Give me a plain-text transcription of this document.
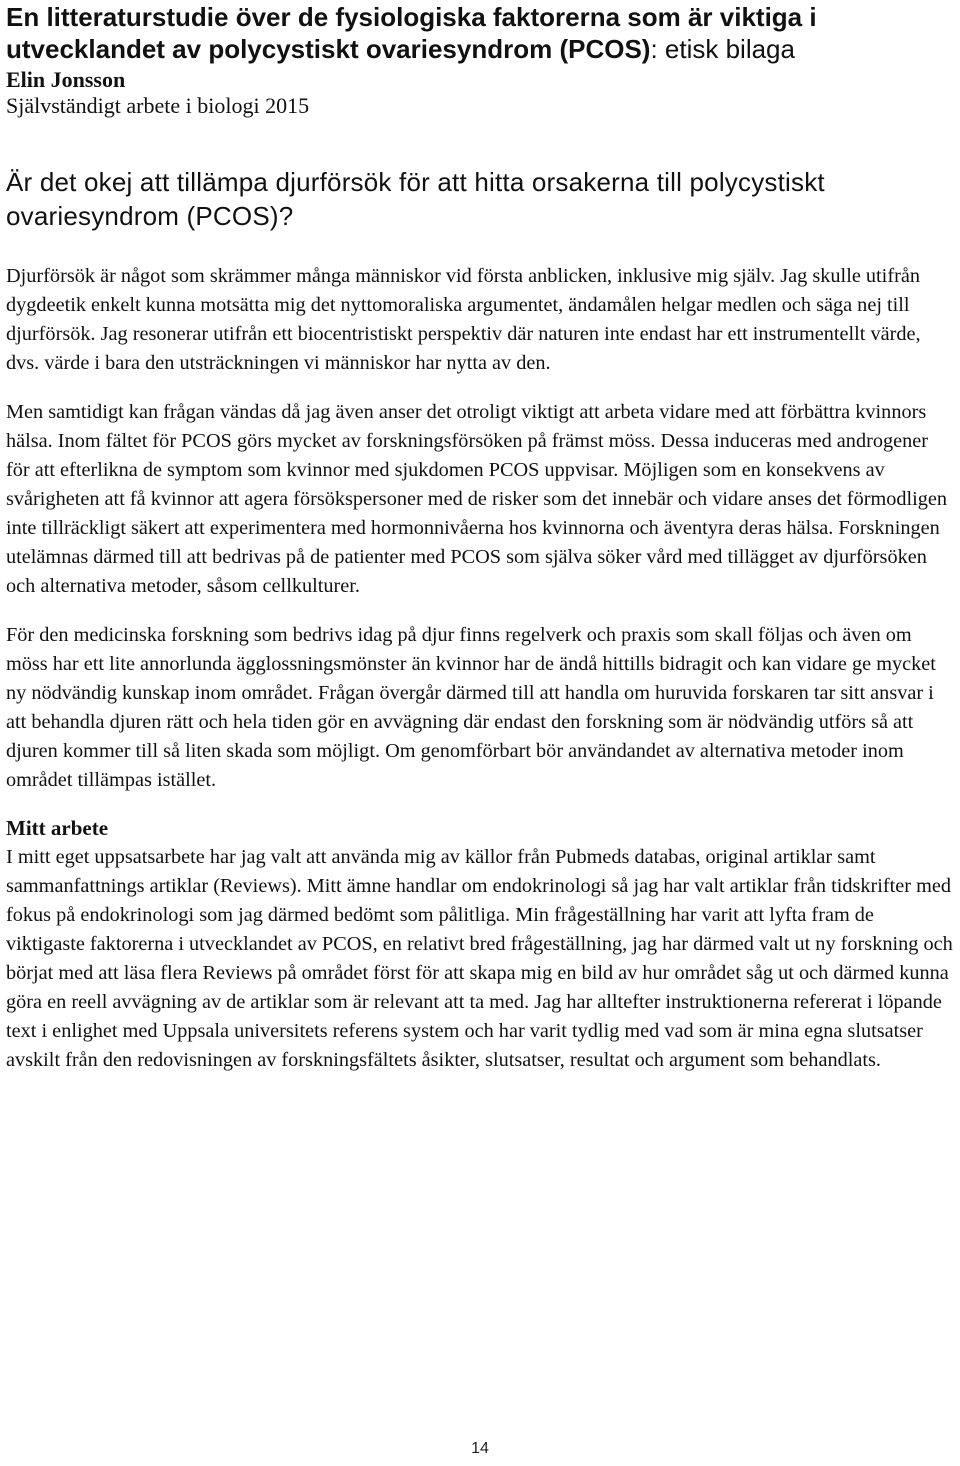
En litteraturstudie över de fysiologiska faktorerna som är viktiga i utvecklandet av polycystiskt ovariesyndrom (PCOS): etisk bilaga

Elin Jonsson

Självständigt arbete i biologi 2015

Är det okej att tillämpa djurförsök för att hitta orsakerna till polycystiskt ovariesyndrom (PCOS)?

Djurförsök är något som skrämmer många människor vid första anblicken, inklusive mig själv. Jag skulle utifrån dygdeetik enkelt kunna motsätta mig det nyttomoraliska argumentet, ändamålen helgar medlen och säga nej till djurförsök. Jag resonerar utifrån ett biocentristiskt perspektiv där naturen inte endast har ett instrumentellt värde, dvs. värde i bara den utsträckningen vi människor har nytta av den.

Men samtidigt kan frågan vändas då jag även anser det otroligt viktigt att arbeta vidare med att förbättra kvinnors hälsa. Inom fältet för PCOS görs mycket av forskningsförsöken på främst möss. Dessa induceras med androgener för att efterlikna de symptom som kvinnor med sjukdomen PCOS uppvisar. Möjligen som en konsekvens av svårigheten att få kvinnor att agera försökspersoner med de risker som det innebär och vidare anses det förmodligen inte tillräckligt säkert att experimentera med hormonnivåerna hos kvinnorna och äventyra deras hälsa. Forskningen utelämnas därmed till att bedrivas på de patienter med PCOS som själva söker vård med tillägget av djurförsöken och alternativa metoder, såsom cellkulturer.

För den medicinska forskning som bedrivs idag på djur finns regelverk och praxis som skall följas och även om möss har ett lite annorlunda ägglossningsmönster än kvinnor har de ändå hittills bidragit och kan vidare ge mycket ny nödvändig kunskap inom området. Frågan övergår därmed till att handla om huruvida forskaren tar sitt ansvar i att behandla djuren rätt och hela tiden gör en avvägning där endast den forskning som är nödvändig utförs så att djuren kommer till så liten skada som möjligt. Om genomförbart bör användandet av alternativa metoder inom området tillämpas istället.

Mitt arbete

I mitt eget uppsatsarbete har jag valt att använda mig av källor från Pubmeds databas, original artiklar samt sammanfattnings artiklar (Reviews). Mitt ämne handlar om endokrinologi så jag har valt artiklar från tidskrifter med fokus på endokrinologi som jag därmed bedömt som pålitliga. Min frågeställning har varit att lyfta fram de viktigaste faktorerna i utvecklandet av PCOS, en relativt bred frågeställning, jag har därmed valt ut ny forskning och börjat med att läsa flera Reviews på området först för att skapa mig en bild av hur området såg ut och därmed kunna göra en reell avvägning av de artiklar som är relevant att ta med. Jag har alltefter instruktionerna refererat i löpande text i enlighet med Uppsala universitets referens system och har varit tydlig med vad som är mina egna slutsatser avskilt från den redovisningen av forskningsfältets åsikter, slutsatser, resultat och argument som behandlats.

14
